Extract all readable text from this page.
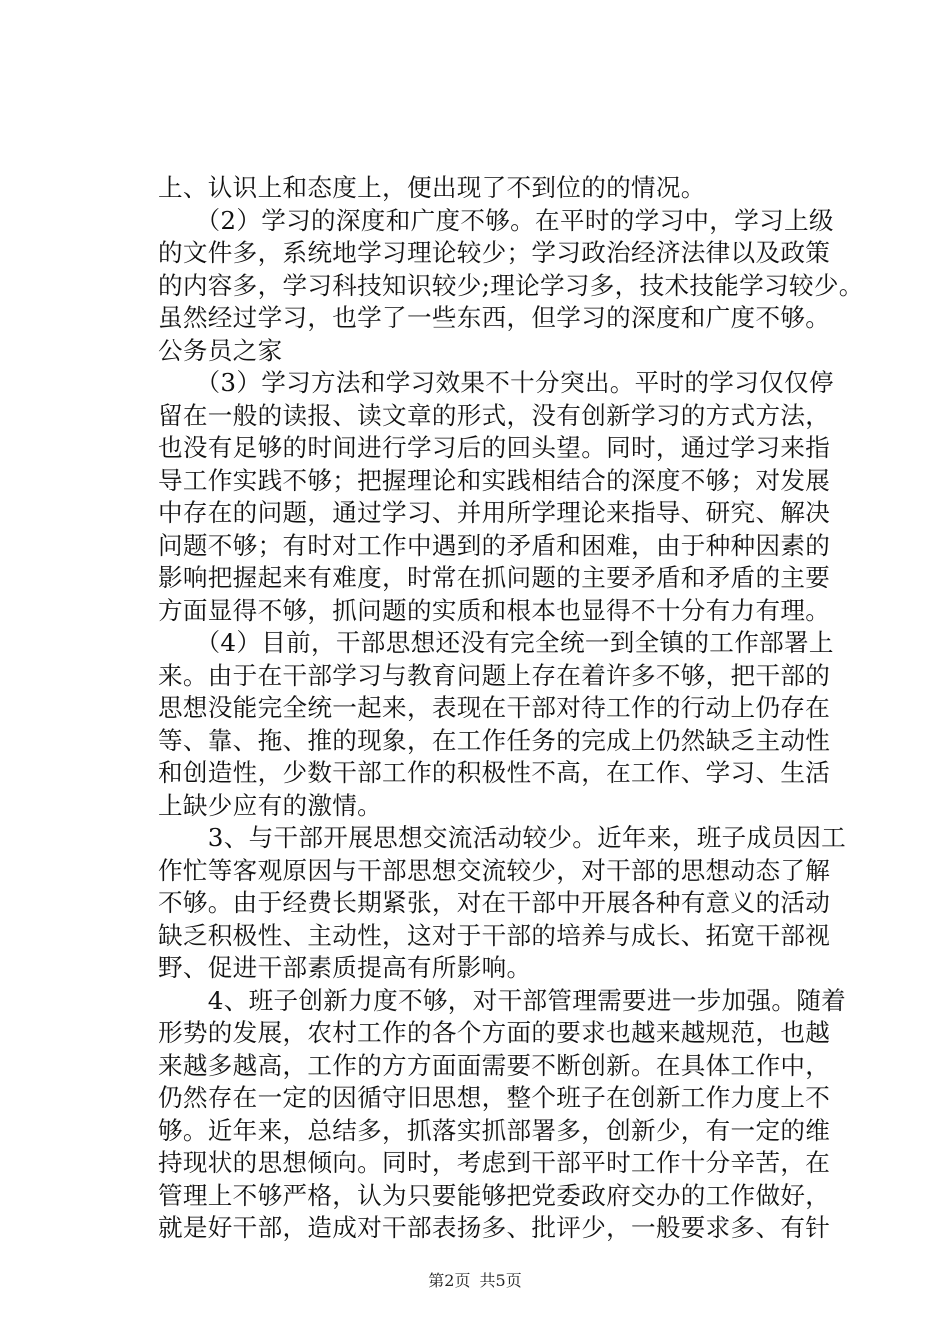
上、认识上和态度上，便出现了不到位的的情况。
　　（2）学习的深度和广度不够。在平时的学习中，学习上级
的文件多，系统地学习理论较少；学习政治经济法律以及政策
的内容多，学习科技知识较少;理论学习多，技术技能学习较少。
虽然经过学习，也学了一些东西，但学习的深度和广度不够。
公务员之家
　　（3）学习方法和学习效果不十分突出。平时的学习仅仅停
留在一般的读报、读文章的形式，没有创新学习的方式方法，
也没有足够的时间进行学习后的回头望。同时，通过学习来指
导工作实践不够；把握理论和实践相结合的深度不够；对发展
中存在的问题，通过学习、并用所学理论来指导、研究、解决
问题不够；有时对工作中遇到的矛盾和困难，由于种种因素的
影响把握起来有难度，时常在抓问题的主要矛盾和矛盾的主要
方面显得不够，抓问题的实质和根本也显得不十分有力有理。
　　（4）目前，干部思想还没有完全统一到全镇的工作部署上
来。由于在干部学习与教育问题上存在着许多不够，把干部的
思想没能完全统一起来，表现在干部对待工作的行动上仍存在
等、靠、拖、推的现象，在工作任务的完成上仍然缺乏主动性
和创造性，少数干部工作的积极性不高，在工作、学习、生活
上缺少应有的激情。
　　3、与干部开展思想交流活动较少。近年来，班子成员因工
作忙等客观原因与干部思想交流较少，对干部的思想动态了解
不够。由于经费长期紧张，对在干部中开展各种有意义的活动
缺乏积极性、主动性，这对于干部的培养与成长、拓宽干部视
野、促进干部素质提高有所影响。
　　4、班子创新力度不够，对干部管理需要进一步加强。随着
形势的发展，农村工作的各个方面的要求也越来越规范，也越
来越多越高，工作的方方面面需要不断创新。在具体工作中，
仍然存在一定的因循守旧思想，整个班子在创新工作力度上不
够。近年来，总结多，抓落实抓部署多，创新少，有一定的维
持现状的思想倾向。同时，考虑到干部平时工作十分辛苦，在
管理上不够严格，认为只要能够把党委政府交办的工作做好，
就是好干部，造成对干部表扬多、批评少，一般要求多、有针
第2页 共5页
